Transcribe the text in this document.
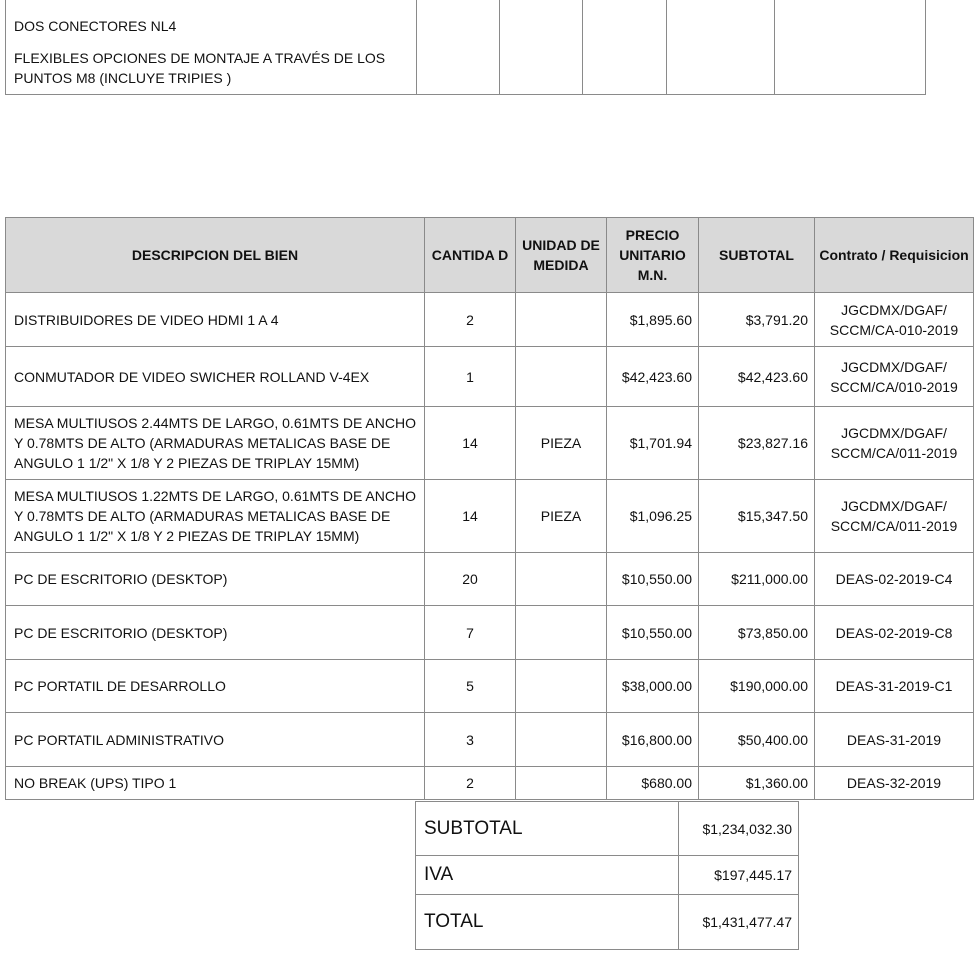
DOS CONECTORES NL4

FLEXIBLES OPCIONES DE MONTAJE A TRAVÉS DE LOS PUNTOS M8 (INCLUYE TRIPIES )

DESCRIPCION DEL BIEN	CANTIDA D	UNIDAD DE MEDIDA	PRECIO UNITARIO M.N.	SUBTOTAL	Contrato / Requisicion
DISTRIBUIDORES DE VIDEO HDMI 1 A 4	2		$1,895.60	$3,791.20	JGCDMX/DGAF/ SCCM/CA-010-2019
CONMUTADOR DE VIDEO SWICHER ROLLAND V-4EX	1		$42,423.60	$42,423.60	JGCDMX/DGAF/ SCCM/CA/010-2019
MESA MULTIUSOS 2.44MTS DE LARGO, 0.61MTS DE ANCHO Y 0.78MTS DE ALTO (ARMADURAS METALICAS BASE DE ANGULO 1 1/2" X 1/8 Y 2 PIEZAS DE TRIPLAY 15MM)	14	PIEZA	$1,701.94	$23,827.16	JGCDMX/DGAF/ SCCM/CA/011-2019
MESA MULTIUSOS 1.22MTS DE LARGO, 0.61MTS DE ANCHO Y 0.78MTS DE ALTO (ARMADURAS METALICAS BASE DE ANGULO 1 1/2" X 1/8 Y 2 PIEZAS DE TRIPLAY 15MM)	14	PIEZA	$1,096.25	$15,347.50	JGCDMX/DGAF/ SCCM/CA/011-2019
PC DE ESCRITORIO (DESKTOP)	20		$10,550.00	$211,000.00	DEAS-02-2019-C4
PC DE ESCRITORIO (DESKTOP)	7		$10,550.00	$73,850.00	DEAS-02-2019-C8
PC PORTATIL DE DESARROLLO	5		$38,000.00	$190,000.00	DEAS-31-2019-C1
PC PORTATIL ADMINISTRATIVO	3		$16,800.00	$50,400.00	DEAS-31-2019
NO BREAK (UPS) TIPO 1	2		$680.00	$1,360.00	DEAS-32-2019
SUBTOTAL	$1,234,032.30
IVA	$197,445.17
TOTAL	$1,431,477.47
